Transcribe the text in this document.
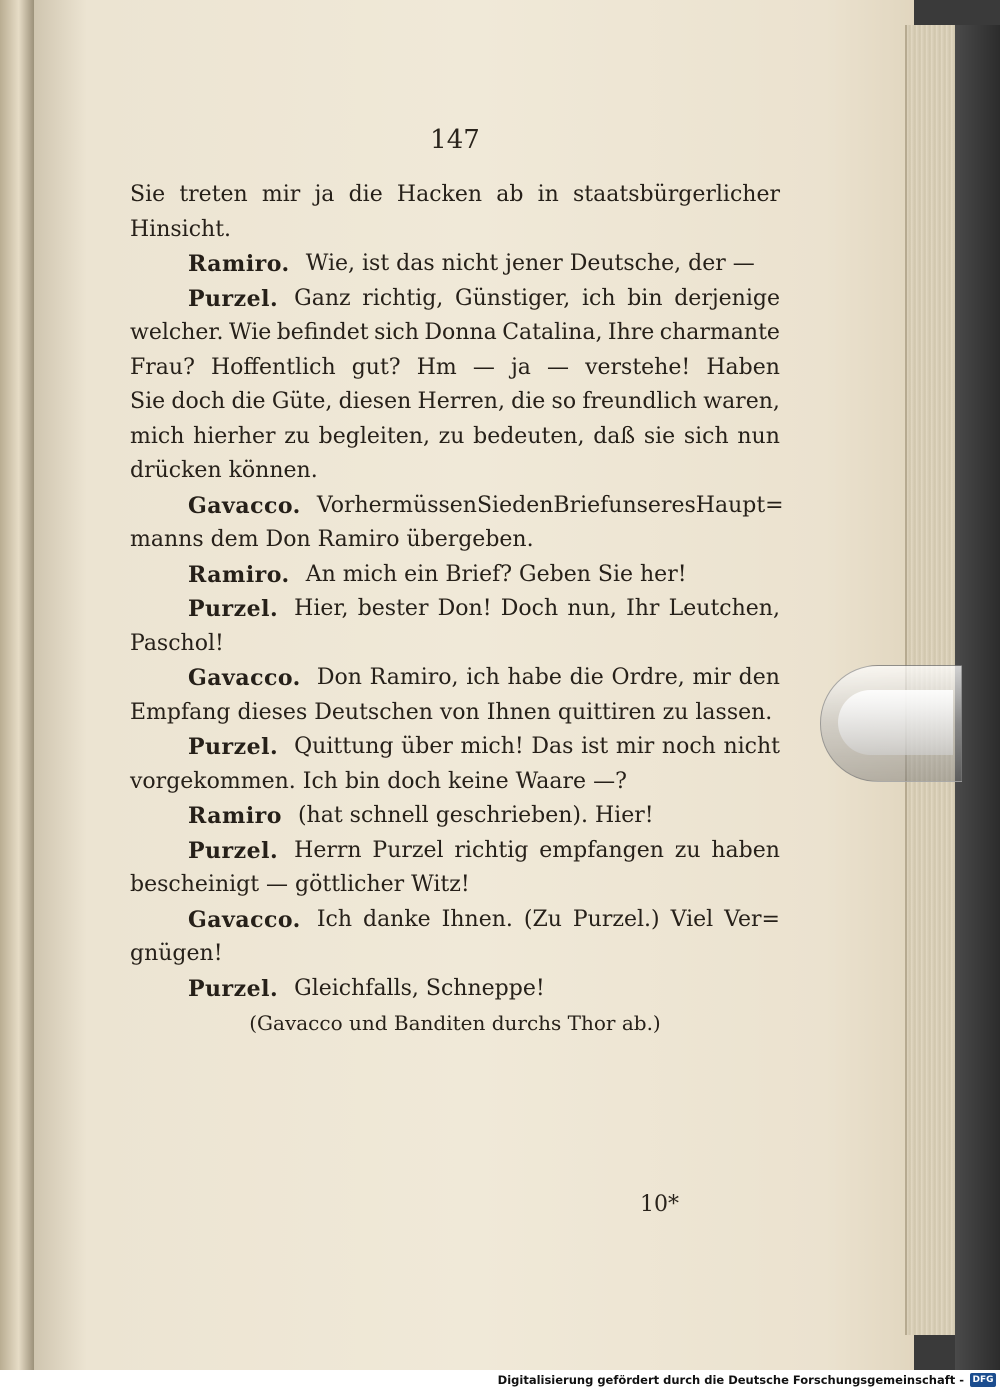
147
Sie treten mir ja die Hacken ab in staatsbürgerlicher
Hinsicht.
Ramiro. Wie, ist das nicht jener Deutsche, der —
Purzel. Ganz richtig, Günstiger, ich bin derjenige
welcher. Wie befindet sich Donna Catalina, Ihre charmante
Frau? Hoffentlich gut? Hm — ja — verstehe! Haben
Sie doch die Güte, diesen Herren, die so freundlich waren,
mich hierher zu begleiten, zu bedeuten, daß sie sich nun
drücken können.
Gavacco. Vorher müssen Sie den Brief unseres Haupt=
manns dem Don Ramiro übergeben.
Ramiro. An mich ein Brief? Geben Sie her!
Purzel. Hier, bester Don! Doch nun, Ihr Leutchen,
Paschol!
Gavacco. Don Ramiro, ich habe die Ordre, mir den
Empfang dieses Deutschen von Ihnen quittiren zu lassen.
Purzel. Quittung über mich! Das ist mir noch nicht
vorgekommen. Ich bin doch keine Waare —?
Ramiro (hat schnell geschrieben). Hier!
Purzel. Herrn Purzel richtig empfangen zu haben
bescheinigt — göttlicher Witz!
Gavacco. Ich danke Ihnen. (Zu Purzel.) Viel Ver=
gnügen!
Purzel. Gleichfalls, Schneppe!
(Gavacco und Banditen durchs Thor ab.)
10*
Digitalisierung gefördert durch die Deutsche Forschungsgemeinschaft - DFG
